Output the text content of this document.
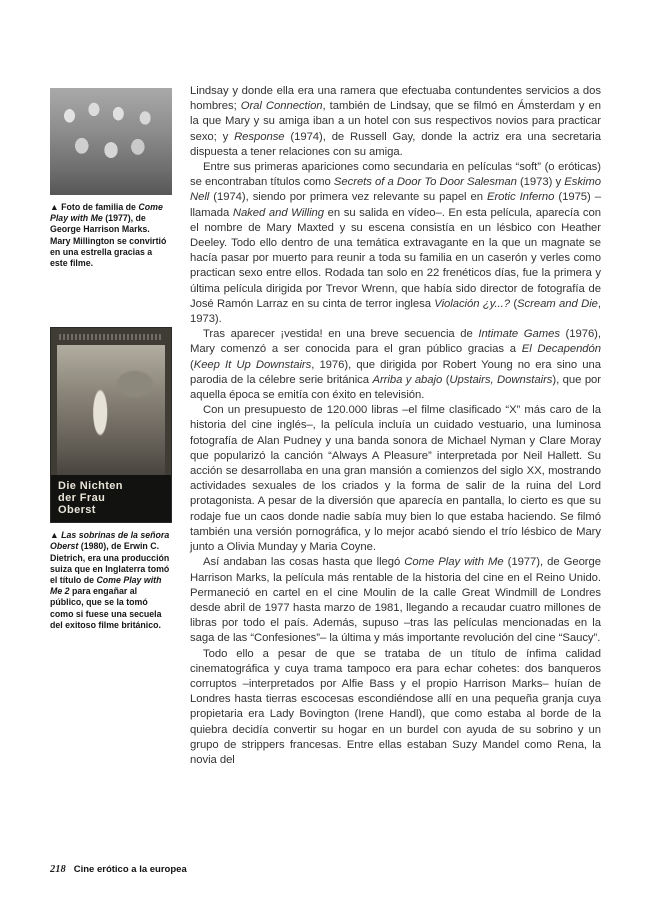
▲ Foto de familia de Come Play with Me (1977), de George Harrison Marks. Mary Millington se convirtió en una estrella gracias a este filme.
Die Nichten
der Frau
Oberst
▲ Las sobrinas de la señora Oberst (1980), de Erwin C. Dietrich, era una producción suiza que en Inglaterra tomó el título de Come Play with Me 2 para engañar al público, que se la tomó como si fuese una secuela del exitoso filme británico.

Lindsay y donde ella era una ramera que efectuaba contundentes servicios a dos hombres; Oral Connection, también de Lindsay, que se filmó en Ámsterdam y en la que Mary y su amiga iban a un hotel con sus respectivos novios para practicar sexo; y Response (1974), de Russell Gay, donde la actriz era una secretaria dispuesta a tener relaciones con su amiga.

Entre sus primeras apariciones como secundaria en películas “soft” (o eróticas) se encontraban títulos como Secrets of a Door To Door Salesman (1973) y Eskimo Nell (1974), siendo por primera vez relevante su papel en Erotic Inferno (1975) –llamada Naked and Willing en su salida en vídeo–. En esta película, aparecía con el nombre de Mary Maxted y su escena consistía en un lésbico con Heather Deeley. Todo ello dentro de una temática extravagante en la que un magnate se hacía pasar por muerto para reunir a toda su familia en un caserón y verles como practican sexo entre ellos. Rodada tan solo en 22 frenéticos días, fue la primera y última película dirigida por Trevor Wrenn, que había sido director de fotografía de José Ramón Larraz en su cinta de terror inglesa Violación ¿y...? (Scream and Die, 1973).

Tras aparecer ¡vestida! en una breve secuencia de Intimate Games (1976), Mary comenzó a ser conocida para el gran público gracias a El Decapendón (Keep It Up Downstairs, 1976), que dirigida por Robert Young no era sino una parodia de la célebre serie británica Arriba y abajo (Upstairs, Downstairs), que por aquella época se emitía con éxito en televisión.

Con un presupuesto de 120.000 libras –el filme clasificado “X” más caro de la historia del cine inglés–, la película incluía un cuidado vestuario, una luminosa fotografía de Alan Pudney y una banda sonora de Michael Nyman y Clare Moray que popularizó la canción “Always A Pleasure” interpretada por Neil Hallett. Su acción se desarrollaba en una gran mansión a comienzos del siglo XX, mostrando actividades sexuales de los criados y la forma de salir de la ruina del Lord protagonista. A pesar de la diversión que aparecía en pantalla, lo cierto es que su rodaje fue un caos donde nadie sabía muy bien lo que estaba haciendo. Se filmó también una versión pornográfica, y lo mejor acabó siendo el trío lésbico de Mary junto a Olivia Munday y Maria Coyne.

Así andaban las cosas hasta que llegó Come Play with Me (1977), de George Harrison Marks, la película más rentable de la historia del cine en el Reino Unido. Permaneció en cartel en el cine Moulin de la calle Great Windmill de Londres desde abril de 1977 hasta marzo de 1981, llegando a recaudar cuatro millones de libras por todo el país. Además, supuso –tras las películas mencionadas en la saga de las “Confesiones”– la última y más importante revolución del cine “Saucy”.

Todo ello a pesar de que se trataba de un título de ínfima calidad cinematográfica y cuya trama tampoco era para echar cohetes: dos banqueros corruptos –interpretados por Alfie Bass y el propio Harrison Marks– huían de Londres hasta tierras escocesas escondiéndose allí en una pequeña granja cuya propietaria era Lady Bovington (Irene Handl), que como estaba al borde de la quiebra decidía convertir su hogar en un burdel con ayuda de su sobrino y un grupo de strippers francesas. Entre ellas estaban Suzy Mandel como Rena, la novia del

218 Cine erótico a la europea
